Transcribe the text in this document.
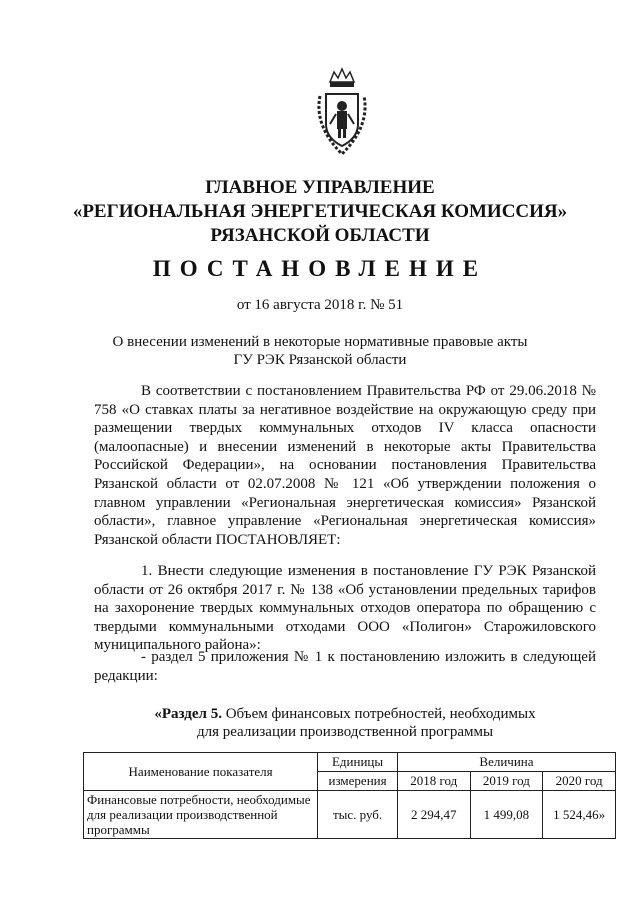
ГЛАВНОЕ УПРАВЛЕНИЕ
«РЕГИОНАЛЬНАЯ ЭНЕРГЕТИЧЕСКАЯ КОМИССИЯ»
РЯЗАНСКОЙ ОБЛАСТИ
ПОСТАНОВЛЕНИЕ
от 16 августа 2018 г. № 51
О внесении изменений в некоторые нормативные правовые акты
ГУ РЭК Рязанской области
В соответствии с постановлением Правительства РФ от 29.06.2018 № 758 «О ставках платы за негативное воздействие на окружающую среду при размещении твердых коммунальных отходов IV класса опасности (малоопасные) и внесении изменений в некоторые акты Правительства Российской Федерации», на основании постановления Правительства Рязанской области от 02.07.2008 № 121 «Об утверждении положения о главном управлении «Региональная энергетическая комиссия» Рязанской области», главное управление «Региональная энергетическая комиссия» Рязанской области ПОСТАНОВЛЯЕТ:
1. Внести следующие изменения в постановление ГУ РЭК Рязанской области от 26 октября 2017 г. № 138 «Об установлении предельных тарифов на захоронение твердых коммунальных отходов оператора по обращению с твердыми коммунальными отходами ООО «Полигон» Старожиловского муниципального района»:
- раздел 5 приложения № 1 к постановлению изложить в следующей редакции:
«Раздел 5. Объем финансовых потребностей, необходимых
для реализации производственной программы
Наименование показателя	Единицы	Величина		
	измерения	2018 год	2019 год	2020 год
Финансовые потребности, необходимые для реализации производственной программы	тыс. руб.	2 294,47	1 499,08	1 524,46»
